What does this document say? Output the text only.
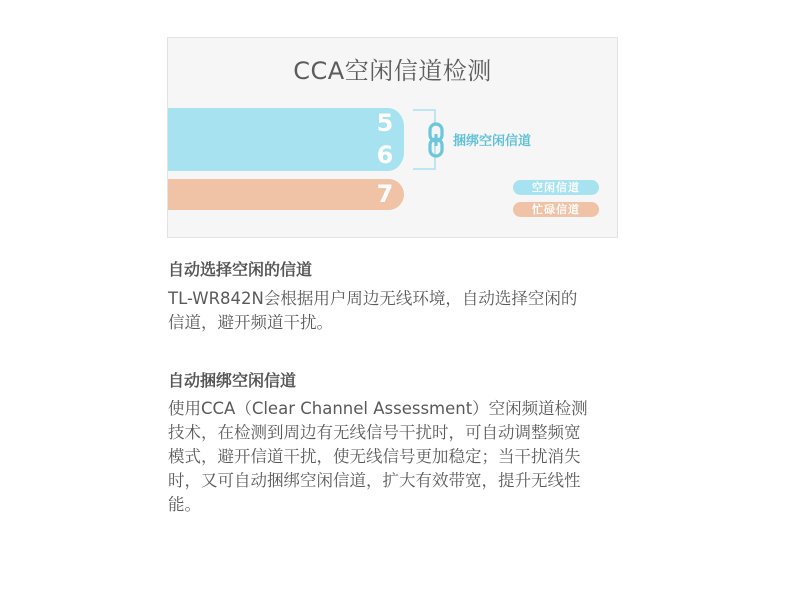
CCA空闲信道检测
5
6
7
捆绑空闲信道
空闲信道
忙碌信道
自动选择空闲的信道
TL-WR842N会根据用户周边无线环境，自动选择空闲的
信道，避开频道干扰。
自动捆绑空闲信道
使用CCA（Clear Channel Assessment）空闲频道检测
技术，在检测到周边有无线信号干扰时，可自动调整频宽
模式，避开信道干扰，使无线信号更加稳定；当干扰消失
时，又可自动捆绑空闲信道，扩大有效带宽，提升无线性
能。
